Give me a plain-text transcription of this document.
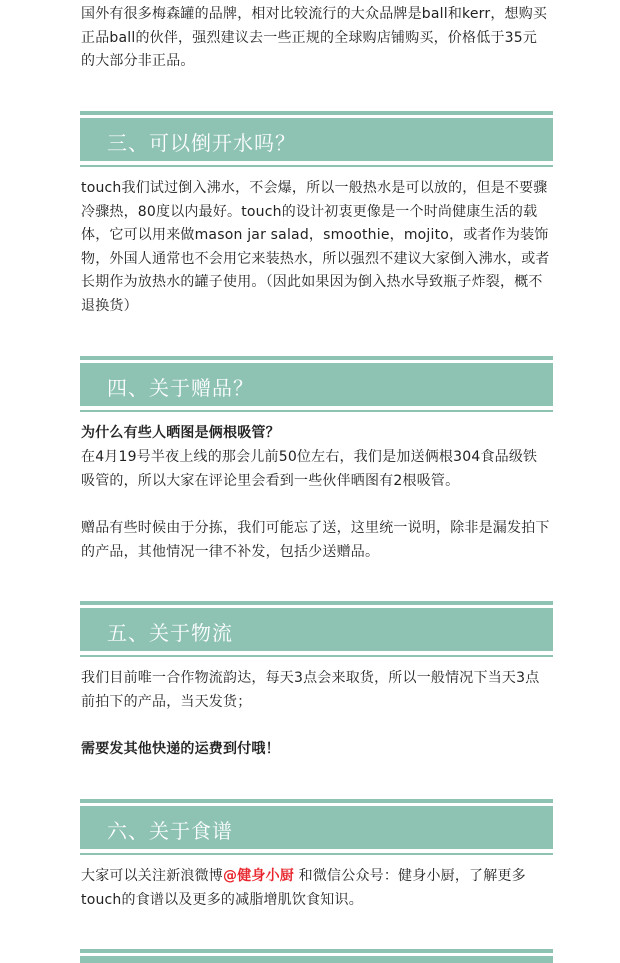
国外有很多梅森罐的品牌，相对比较流行的大众品牌是ball和kerr，想购买正品ball的伙伴，强烈建议去一些正规的全球购店铺购买，价格低于35元的大部分非正品。

三、可以倒开水吗？

touch我们试过倒入沸水，不会爆，所以一般热水是可以放的，但是不要骤冷骤热，80度以内最好。touch的设计初衷更像是一个时尚健康生活的载体，它可以用来做mason jar salad，smoothie，mojito，或者作为装饰物，外国人通常也不会用它来装热水，所以强烈不建议大家倒入沸水，或者长期作为放热水的罐子使用。（因此如果因为倒入热水导致瓶子炸裂，概不退换货）

四、关于赠品？

为什么有些人晒图是俩根吸管？

在4月19号半夜上线的那会儿前50位左右，我们是加送俩根304食品级铁吸管的，所以大家在评论里会看到一些伙伴晒图有2根吸管。

赠品有些时候由于分拣，我们可能忘了送，这里统一说明，除非是漏发拍下的产品，其他情况一律不补发，包括少送赠品。

五、关于物流

我们目前唯一合作物流韵达，每天3点会来取货，所以一般情况下当天3点前拍下的产品，当天发货；

需要发其他快递的运费到付哦！

六、关于食谱

大家可以关注新浪微博@健身小厨 和微信公众号：健身小厨，了解更多touch的食谱以及更多的减脂增肌饮食知识。
